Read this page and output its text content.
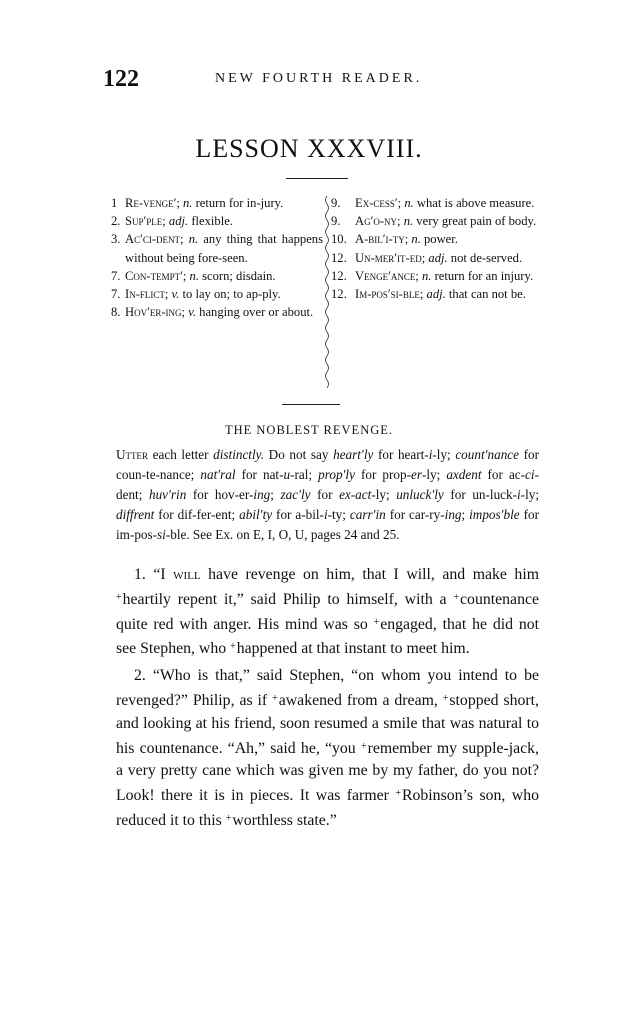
122	NEW FOURTH READER.
LESSON XXXVIII.
1 Re-venge′; n. return for in-jury.
2. Sup′ple; adj. flexible.
3. Ac′ci-dent; n. any thing that happens without being fore-seen.
7. Con-tempt′; n. scorn; disdain.
7. In-flict; v. to lay on; to ap-ply.
8. Hov′er-ing; v. hanging over or about.
9.	Ex-cess′; n. what is above measure.
9.	Ag′o-ny; n. very great pain of body.
10. A-bil′i-ty; n. power.
12. Un-mer′it-ed; adj. not de-served.
12. Venge′ance; n. return for an injury.
12. Im-pos′si-ble; adj. that can not be.
THE NOBLEST REVENGE.
Utter each letter distinctly. Do not say heart′ly for heart-i-ly; count′nance for coun-te-nance; nat′ral for nat-u-ral; prop′ly for prop-er-ly; axdent for ac-ci-dent; huv′rin for hov-er-ing; zac′ly for ex-act-ly; unluck′ly for un-luck-i-ly; diffrent for dif-fer-ent; abil′ty for a-bil-i-ty; carr′in for car-ry-ing; impos′ble for im-pos-si-ble. See Ex. on E, I, O, U, pages 24 and 25.

1. “I will have revenge on him, that I will, and make him +heartily repent it,” said Philip to himself, with a +countenance quite red with anger. His mind was so +engaged, that he did not see Stephen, who +happened at that instant to meet him.

2. “Who is that,” said Stephen, “on whom you intend to be revenged?” Philip, as if +awakened from a dream, +stopped short, and looking at his friend, soon resumed a smile that was natural to his countenance. “Ah,” said he, “you +remember my supple-jack, a very pretty cane which was given me by my father, do you not? Look! there it is in pieces. It was farmer +Robinson’s son, who reduced it to this +worthless state.”
